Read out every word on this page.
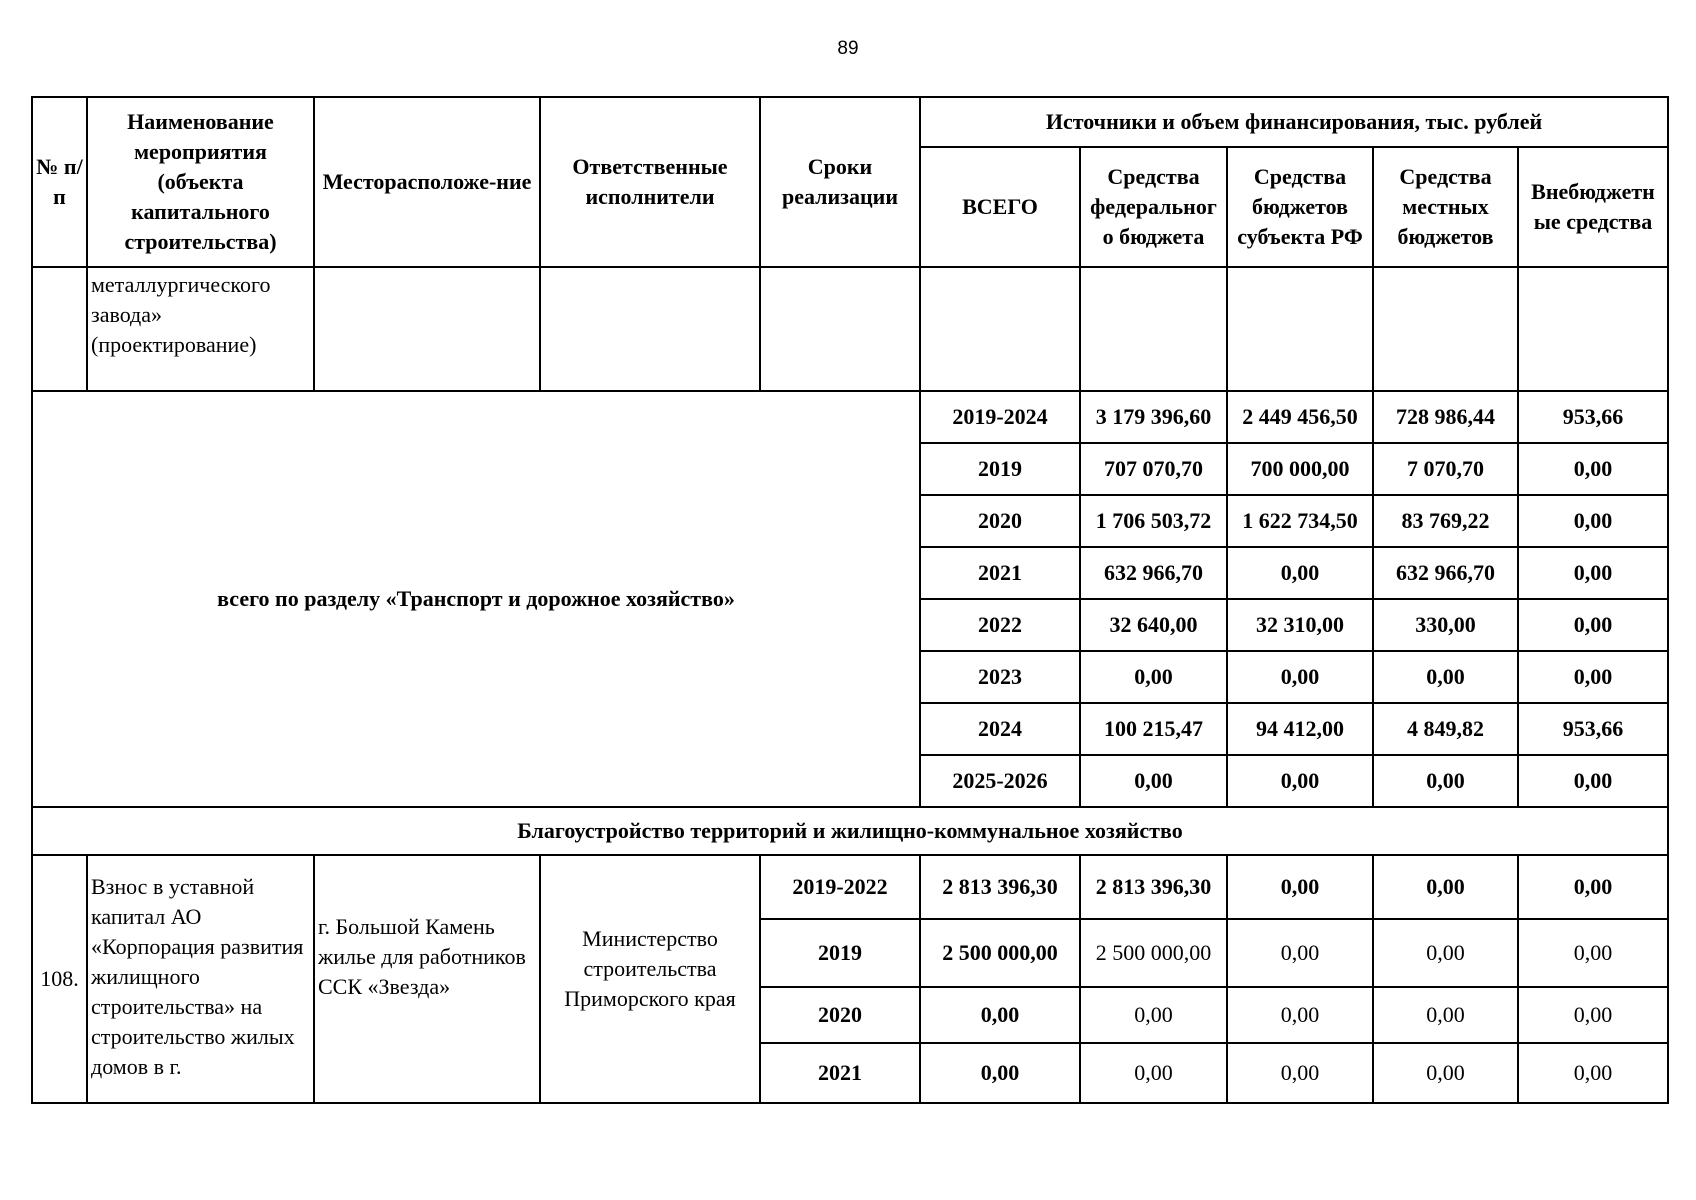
89
№ п/п	Наименование мероприятия (объекта капитального строительства)	Месторасположе-ние	Ответственные исполнители	Сроки реализации	Источники и объем финансирования, тыс. рублей					
					ВСЕГО	Средства федеральног о бюджета	Средства бюджетов субъекта РФ	Средства местных бюджетов	Внебюджетн ые средства	
	металлургического завода» (проектирование)									
всего по разделу «Транспорт и дорожное хозяйство»					2019-2024	3 179 396,60	2 449 456,50	728 986,44	953,66	
					2019	707 070,70	700 000,00	7 070,70	0,00	
					2020	1 706 503,72	1 622 734,50	83 769,22	0,00	
					2021	632 966,70	0,00	632 966,70	0,00	
					2022	32 640,00	32 310,00	330,00	0,00	
					2023	0,00	0,00	0,00	0,00	
					2024	100 215,47	94 412,00	4 849,82	953,66	
					2025-2026	0,00	0,00	0,00	0,00	
Благоустройство территорий и жилищно-коммунальное хозяйство										
108.	Взнос в уставной капитал АО «Корпорация развития жилищного строительства» на строительство жилых домов в г.	г. Большой Камень жилье для работников ССК «Звезда»	Министерство строительства Приморского края	2019-2022	2 813 396,30	2 813 396,30	0,00	0,00	0,00	
				2019	2 500 000,00	2 500 000,00	0,00	0,00	0,00	
				2020	0,00	0,00	0,00	0,00	0,00	
				2021	0,00	0,00	0,00	0,00	0,00	
